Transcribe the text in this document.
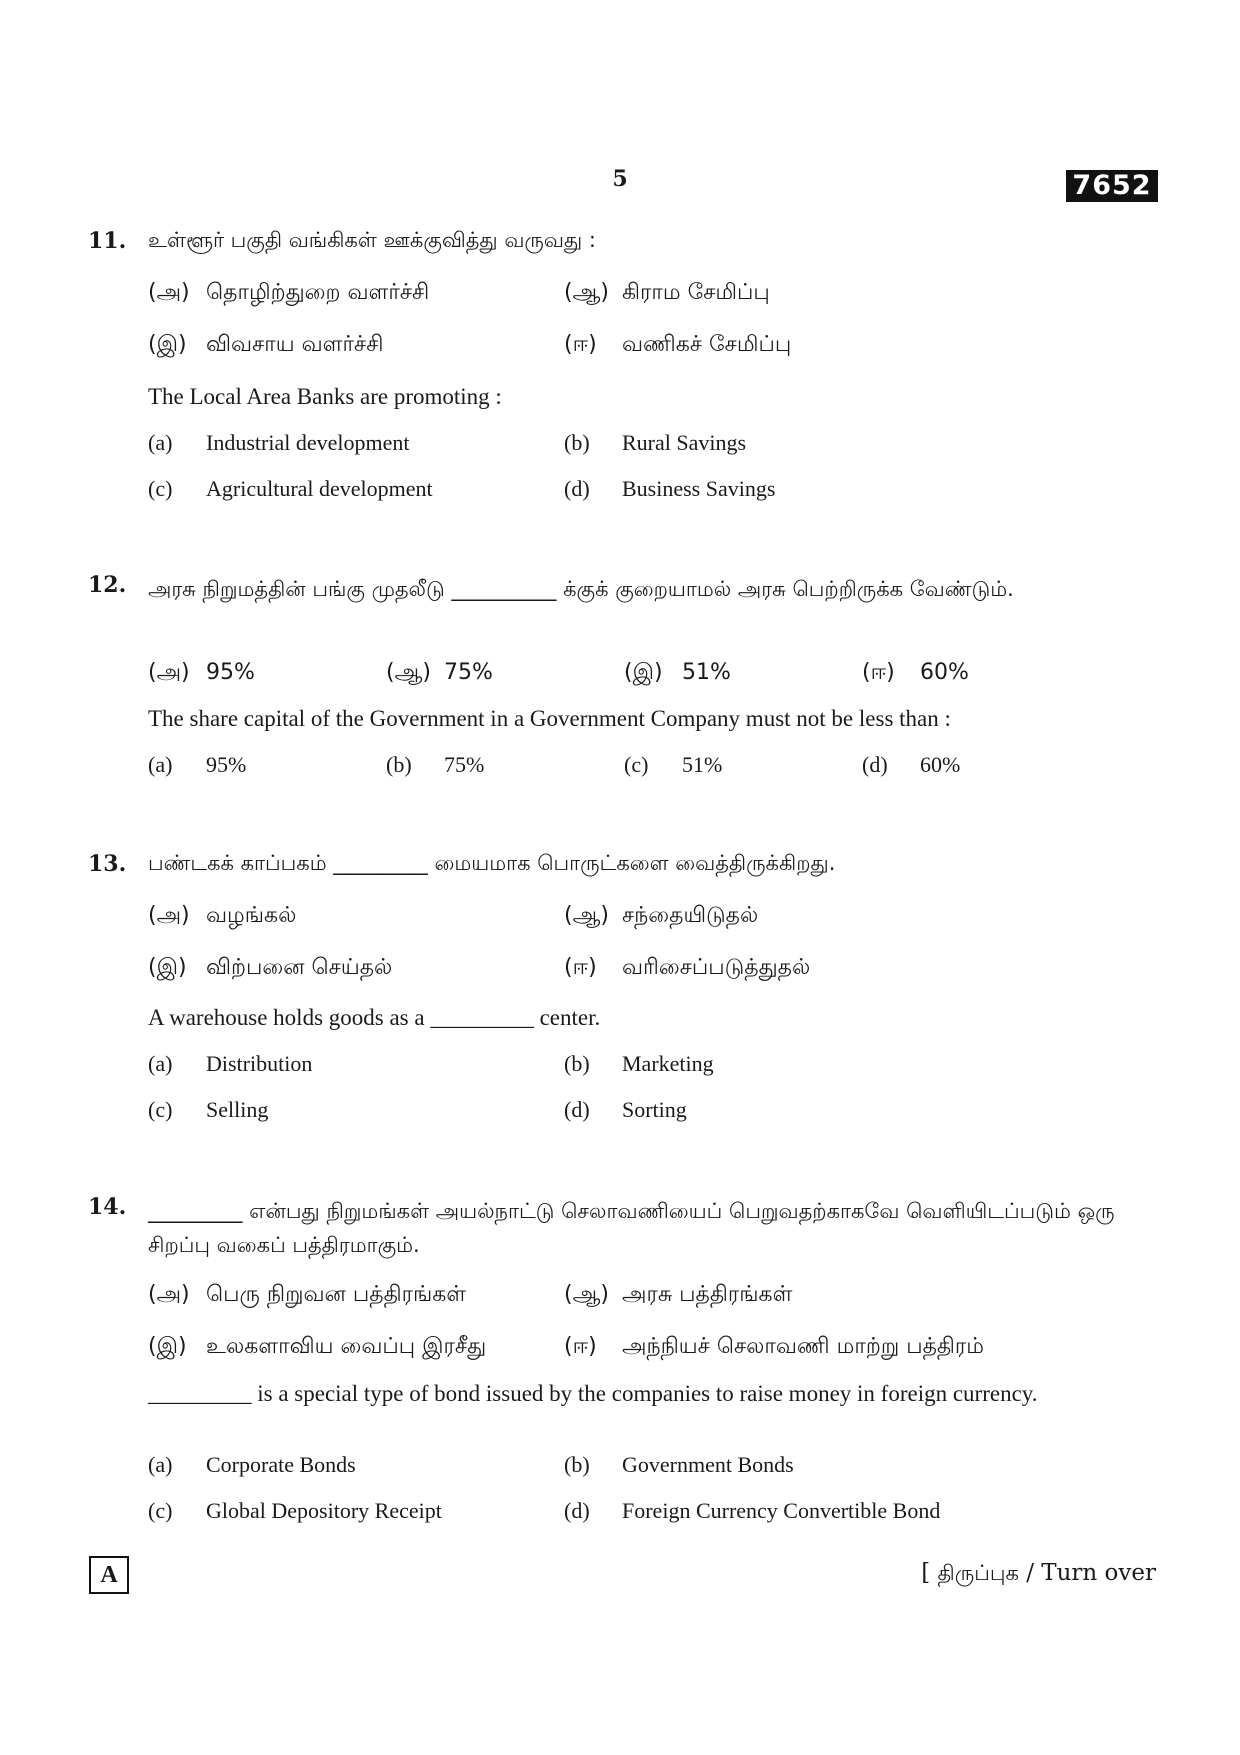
5	7652
11.	உள்ளூர் பகுதி வங்கிகள் ஊக்குவித்து வருவது :
(அ) தொழிற்துறை வளர்ச்சி	(ஆ) கிராம சேமிப்பு
(இ) விவசாய வளர்ச்சி	(ஈ) வணிகச் சேமிப்பு
The Local Area Banks are promoting :
(a) Industrial development	(b) Rural Savings
(c) Agricultural development	(d) Business Savings
12.	அரசு நிறுமத்தின் பங்கு முதலீடு __________ க்குக் குறையாமல் அரசு பெற்றிருக்க வேண்டும்.
(அ) 95%	(ஆ) 75%	(இ) 51%	(ஈ) 60%
The share capital of the Government in a Government Company must not be less than :
(a) 95%	(b) 75%	(c) 51%	(d) 60%
13.	பண்டகக் காப்பகம் _________ மையமாக பொருட்களை வைத்திருக்கிறது.
(அ) வழங்கல்	(ஆ) சந்தையிடுதல்
(இ) விற்பனை செய்தல்	(ஈ) வரிசைப்படுத்துதல்
A warehouse holds goods as a _________ center.
(a) Distribution	(b) Marketing
(c) Selling	(d) Sorting
14.	_________ என்பது நிறுமங்கள் அயல்நாட்டு செலாவணியைப் பெறுவதற்காகவே வெளியிடப்படும் ஒரு சிறப்பு வகைப் பத்திரமாகும்.
(அ) பெரு நிறுவன பத்திரங்கள்	(ஆ) அரசு பத்திரங்கள்
(இ) உலகளாவிய வைப்பு இரசீது	(ஈ) அந்நியச் செலாவணி மாற்று பத்திரம்
_________ is a special type of bond issued by the companies to raise money in foreign currency.
(a) Corporate Bonds	(b) Government Bonds
(c) Global Depository Receipt	(d) Foreign Currency Convertible Bond
A	[ திருப்புக / Turn over
